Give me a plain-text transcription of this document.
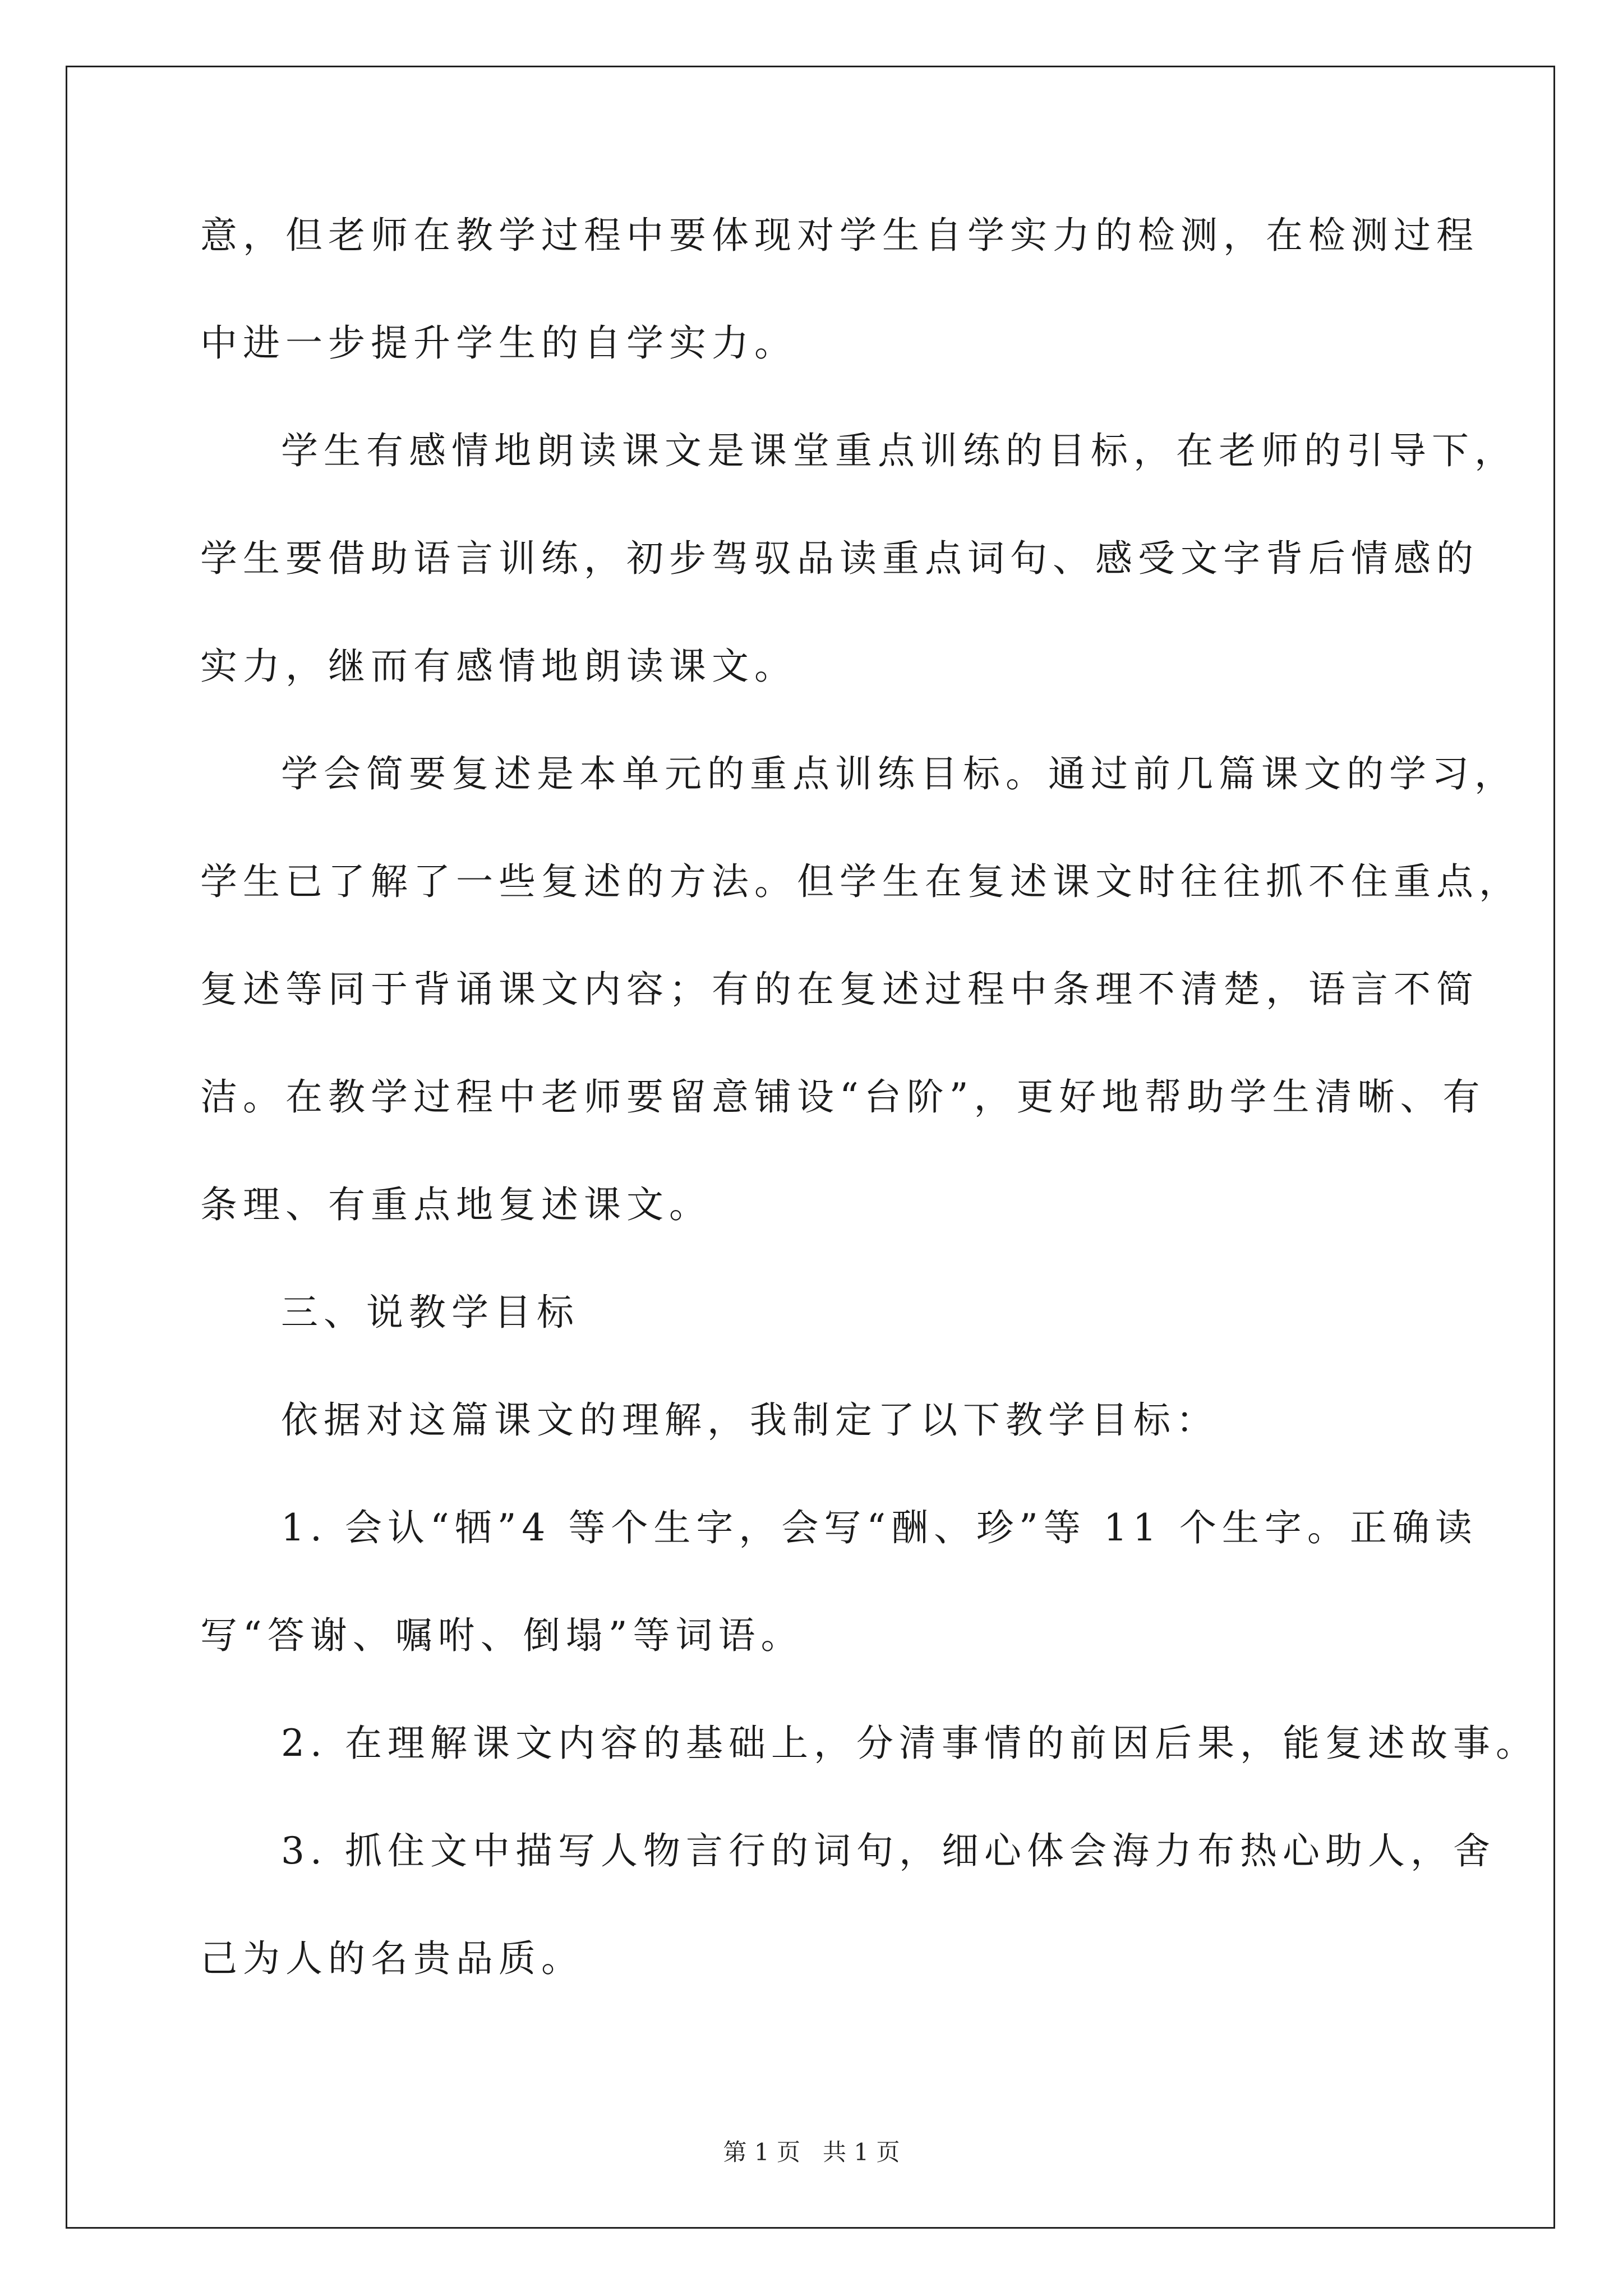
意，但老师在教学过程中要体现对学生自学实力的检测，在检测过程
中进一步提升学生的自学实力。
学生有感情地朗读课文是课堂重点训练的目标，在老师的引导下，
学生要借助语言训练，初步驾驭品读重点词句、感受文字背后情感的
实力，继而有感情地朗读课文。
学会简要复述是本单元的重点训练目标。通过前几篇课文的学习，
学生已了解了一些复述的方法。但学生在复述课文时往往抓不住重点，
复述等同于背诵课文内容；有的在复述过程中条理不清楚，语言不简
洁。在教学过程中老师要留意铺设“台阶”，更好地帮助学生清晰、有
条理、有重点地复述课文。
三、说教学目标
依据对这篇课文的理解，我制定了以下教学目标：
1. 会认“牺”4 等个生字，会写“酬、珍”等 11 个生字。正确读
写“答谢、嘱咐、倒塌”等词语。
2. 在理解课文内容的基础上，分清事情的前因后果，能复述故事。
3. 抓住文中描写人物言行的词句，细心体会海力布热心助人，舍
己为人的名贵品质。
第 1 页   共 1 页
